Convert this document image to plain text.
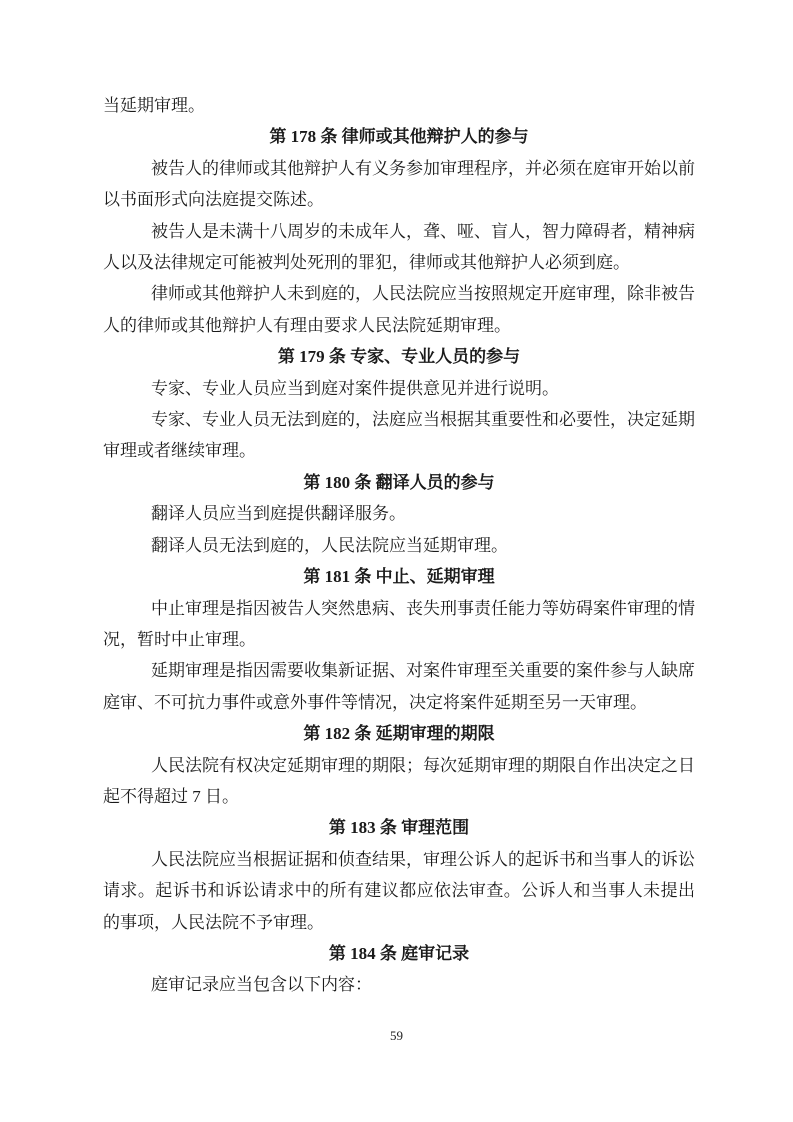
当延期审理。

第 178 条 律师或其他辩护人的参与

被告人的律师或其他辩护人有义务参加审理程序，并必须在庭审开始以前以书面形式向法庭提交陈述。

被告人是未满十八周岁的未成年人，聋、哑、盲人，智力障碍者，精神病人以及法律规定可能被判处死刑的罪犯，律师或其他辩护人必须到庭。

律师或其他辩护人未到庭的，人民法院应当按照规定开庭审理，除非被告人的律师或其他辩护人有理由要求人民法院延期审理。

第 179 条 专家、专业人员的参与

专家、专业人员应当到庭对案件提供意见并进行说明。

专家、专业人员无法到庭的，法庭应当根据其重要性和必要性，决定延期审理或者继续审理。

第 180 条 翻译人员的参与

翻译人员应当到庭提供翻译服务。

翻译人员无法到庭的，人民法院应当延期审理。

第 181 条 中止、延期审理

中止审理是指因被告人突然患病、丧失刑事责任能力等妨碍案件审理的情况，暂时中止审理。

延期审理是指因需要收集新证据、对案件审理至关重要的案件参与人缺席庭审、不可抗力事件或意外事件等情况，决定将案件延期至另一天审理。

第 182 条 延期审理的期限

人民法院有权决定延期审理的期限；每次延期审理的期限自作出决定之日起不得超过 7 日。

第 183 条 审理范围

人民法院应当根据证据和侦查结果，审理公诉人的起诉书和当事人的诉讼请求。起诉书和诉讼请求中的所有建议都应依法审查。公诉人和当事人未提出的事项，人民法院不予审理。

第 184 条 庭审记录

庭审记录应当包含以下内容：

59
